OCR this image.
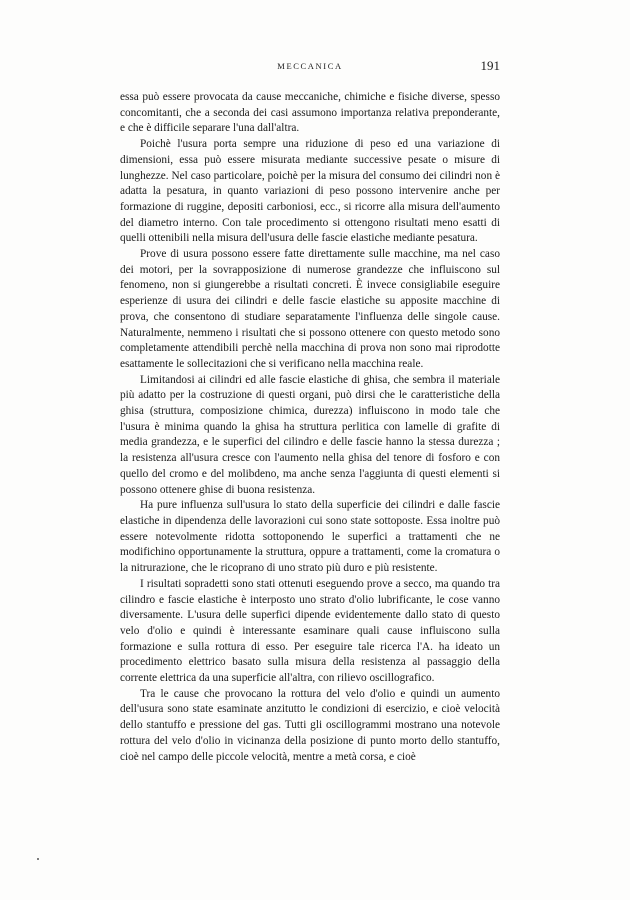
MECCANICA	191

essa può essere provocata da cause meccaniche, chimiche e fisiche diverse, spesso concomitanti, che a seconda dei casi assumono importanza relativa preponderante, e che è difficile separare l'una dall'altra.

Poichè l'usura porta sempre una riduzione di peso ed una variazione di dimensioni, essa può essere misurata mediante successive pesate o misure di lunghezze. Nel caso particolare, poichè per la misura del consumo dei cilindri non è adatta la pesatura, in quanto variazioni di peso possono intervenire anche per formazione di ruggine, depositi carboniosi, ecc., si ricorre alla misura dell'aumento del diametro interno. Con tale procedimento si ottengono risultati meno esatti di quelli ottenibili nella misura dell'usura delle fascie elastiche mediante pesatura.

Prove di usura possono essere fatte direttamente sulle macchine, ma nel caso dei motori, per la sovrapposizione di numerose grandezze che influiscono sul fenomeno, non si giungerebbe a risultati concreti. È invece consigliabile eseguire esperienze di usura dei cilindri e delle fascie elastiche su apposite macchine di prova, che consentono di studiare separatamente l'influenza delle singole cause. Naturalmente, nemmeno i risultati che si possono ottenere con questo metodo sono completamente attendibili perchè nella macchina di prova non sono mai riprodotte esattamente le sollecitazioni che si verificano nella macchina reale.

Limitandosi ai cilindri ed alle fascie elastiche di ghisa, che sembra il materiale più adatto per la costruzione di questi organi, può dirsi che le caratteristiche della ghisa (struttura, composizione chimica, durezza) influiscono in modo tale che l'usura è minima quando la ghisa ha struttura perlitica con lamelle di grafite di media grandezza, e le superfici del cilindro e delle fascie hanno la stessa durezza ; la resistenza all'usura cresce con l'aumento nella ghisa del tenore di fosforo e con quello del cromo e del molibdeno, ma anche senza l'aggiunta di questi elementi si possono ottenere ghise di buona resistenza.

Ha pure influenza sull'usura lo stato della superficie dei cilindri e dalle fascie elastiche in dipendenza delle lavorazioni cui sono state sottoposte. Essa inoltre può essere notevolmente ridotta sottoponendo le superfici a trattamenti che ne modifichino opportunamente la struttura, oppure a trattamenti, come la cromatura o la nitrurazione, che le ricoprano di uno strato più duro e più resistente.

I risultati sopradetti sono stati ottenuti eseguendo prove a secco, ma quando tra cilindro e fascie elastiche è interposto uno strato d'olio lubrificante, le cose vanno diversamente. L'usura delle superfici dipende evidentemente dallo stato di questo velo d'olio e quindi è interessante esaminare quali cause influiscono sulla formazione e sulla rottura di esso. Per eseguire tale ricerca l'A. ha ideato un procedimento elettrico basato sulla misura della resistenza al passaggio della corrente elettrica da una superficie all'altra, con rilievo oscillografico.

Tra le cause che provocano la rottura del velo d'olio e quindi un aumento dell'usura sono state esaminate anzitutto le condizioni di esercizio, e cioè velocità dello stantuffo e pressione del gas. Tutti gli oscillogrammi mostrano una notevole rottura del velo d'olio in vicinanza della posizione di punto morto dello stantuffo, cioè nel campo delle piccole velocità, mentre a metà corsa, e cioè
